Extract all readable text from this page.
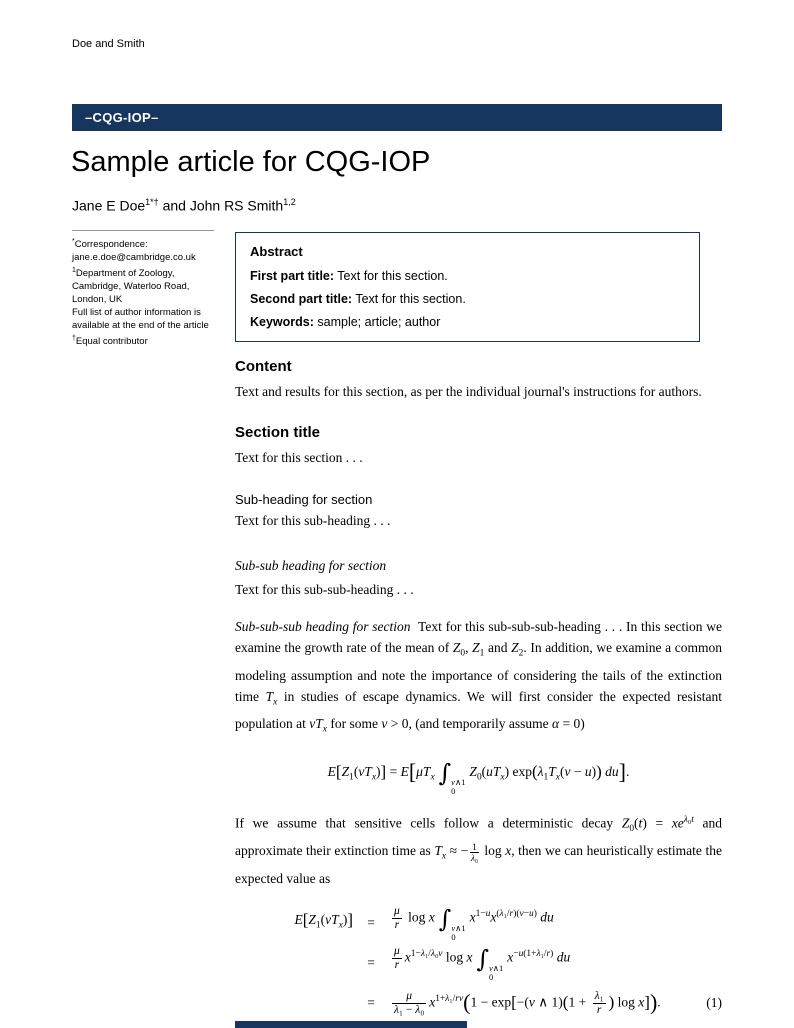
Doe and Smith
–CQG-IOP–
Sample article for CQG-IOP
Jane E Doe$^{1*\dagger}$ and John RS Smith$^{1,2}$
*Correspondence:
jane.e.doe@cambridge.co.uk
$^1$Department of Zoology,
Cambridge, Waterloo Road,
London, UK
Full list of author information is
available at the end of the article
†Equal contributor
Abstract

First part title: Text for this section.

Second part title: Text for this section.

Keywords: sample; article; author

Content

Text and results for this section, as per the individual journal's instructions for authors.

Section title

Text for this section . . .

Sub-heading for section

Text for this sub-heading . . .

Sub-sub heading for section

Text for this sub-sub-heading . . .

Sub-sub-sub heading for section Text for this sub-sub-sub-heading . . . In this section we examine the growth rate of the mean of $Z_0$, $Z_1$ and $Z_2$. In addition, we examine a common modeling assumption and note the importance of considering the tails of the extinction time $T_x$ in studies of escape dynamics. We will first consider the expected resistant population at $vT_x$ for some v > 0, (and temporarily assume α = 0)

$E[Z_1(vT_x)] = E[\mu T_x$ ∫ v∧1
0
$Z_0(uT_x) \exp(\lambda_1T_x(v - u))$ du].

If we assume that sensitive cells follow a deterministic decay $Z_0(t) = xe^{\lambda_0t}$ and approximate their extinction time as $T_x$ ≈ − $\frac{1}{\text{λ₀}}$ log x, then we can heuristically estimate the expected value as

$E[Z_1(vT_x)]$	=	$\frac{\mu}{r}$ log x ∫ v∧1
0
$x^{1-u}x^{(\lambda_1/r)(v-u)}$ du
=	$\frac{\mu}{r} x^{1-\lambda_1/\lambda_0v}$ log x ∫ v∧1
0
$x^{-u(1+\lambda_1/r)}$ du
=	$\frac{\mu}{\text{λ₁ − λ₀}} x^{1+\lambda_1/rv}(1 - \exp[-(v$ ∧ $1)(1 + \frac{\text{λ₁}}{r}$ ) log x]).	(1)
